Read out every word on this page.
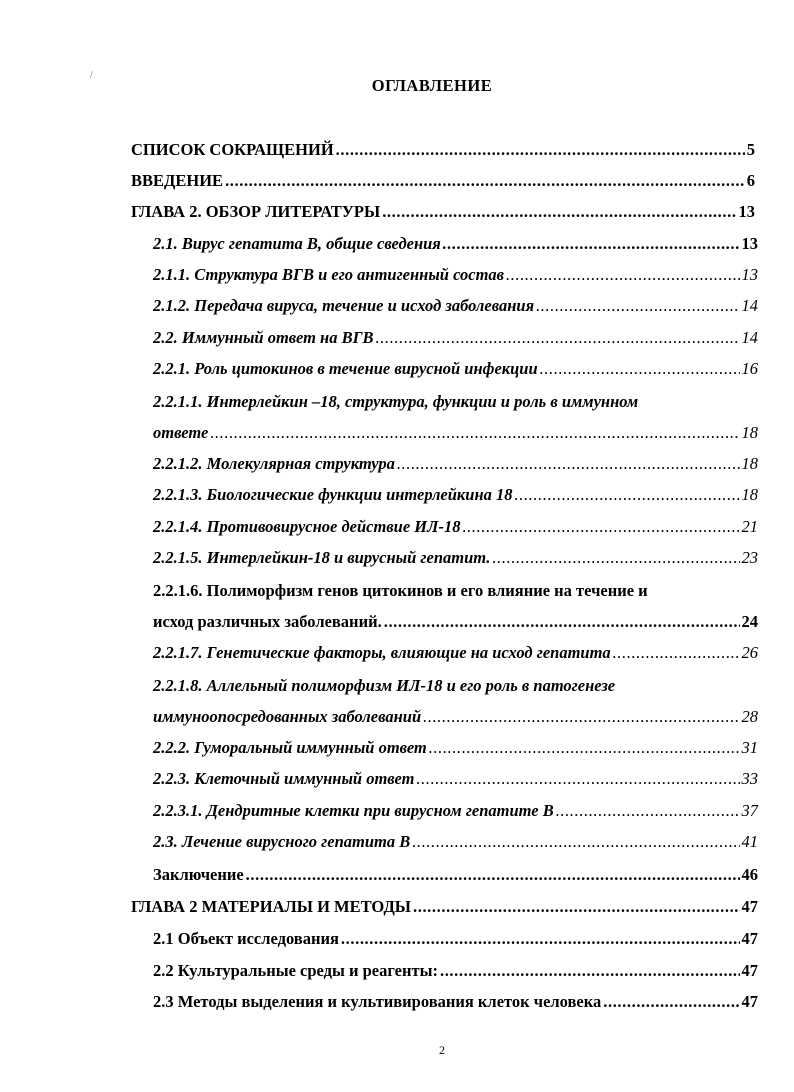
/
ОГЛАВЛЕНИЕ
СПИСОК СОКРАЩЕНИЙ .....	5
ВВЕДЕНИЕ .....	6
ГЛАВА 2. ОБЗОР ЛИТЕРАТУРЫ .....	13
2.1. Вирус гепатита В, общие сведения .....	13
2.1.1. Структура ВГВ и его антигенный состав .....	13
2.1.2. Передача вируса, течение и исход заболевания .....	14
2.2. Иммунный ответ на ВГВ .....	14
2.2.1. Роль цитокинов в течение вирусной инфекции .....	16
2.2.1.1. Интерлейкин –18, структура, функции и роль в иммунном
ответе .....	18
2.2.1.2. Молекулярная структура .....	18
2.2.1.3. Биологические функции интерлейкина 18 .....	18
2.2.1.4. Противовирусное действие ИЛ-18 .....	21
2.2.1.5. Интерлейкин-18 и вирусный гепатит. .....	23
2.2.1.6. Полиморфизм генов цитокинов и его влияние на течение и
исход различных заболеваний. .....	24
2.2.1.7. Генетические факторы, влияющие на исход гепатита .....	26
2.2.1.8. Аллельный полиморфизм ИЛ-18 и его роль в патогенезе
иммуноопосредованных заболеваний .....	28
2.2.2. Гуморальный иммунный ответ .....	31
2.2.3. Клеточный иммунный ответ .....	33
2.2.3.1. Дендритные клетки при вирусном гепатите В .....	37
2.3. Лечение вирусного гепатита В .....	41
Заключение .....	46
ГЛАВА 2 МАТЕРИАЛЫ И МЕТОДЫ .....	47
2.1 Объект исследования .....	47
2.2 Культуральные среды и реагенты: .....	47
2.3 Методы выделения и культивирования клеток человека .....	47
2
